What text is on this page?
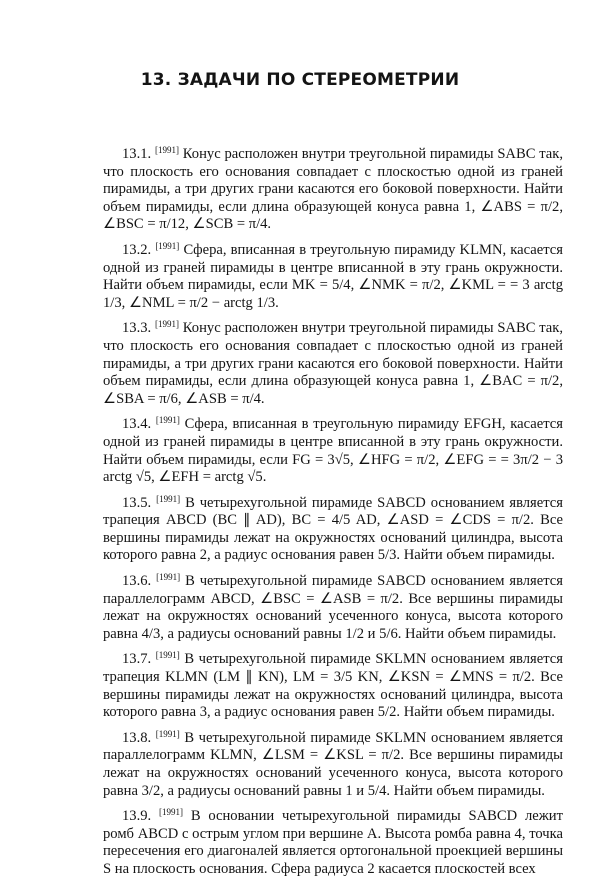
13. ЗАДАЧИ ПО СТЕРЕОМЕТРИИ

13.1. [1991] Конус расположен внутри треугольной пирамиды SABC так, что плоскость его основания совпадает с плоскостью одной из граней пирамиды, а три других грани касаются его боковой поверхности. Найти объем пирамиды, если длина образующей конуса равна 1, ∠ABS = π/2, ∠BSC = π/12, ∠SCB = π/4.

13.2. [1991] Сфера, вписанная в треугольную пирамиду KLMN, касается одной из граней пирамиды в центре вписанной в эту грань окружности. Найти объем пирамиды, если MK = 5/4, ∠NMK = π/2, ∠KML = = 3 arctg 1/3, ∠NML = π/2 − arctg 1/3.

13.3. [1991] Конус расположен внутри треугольной пирамиды SABC так, что плоскость его основания совпадает с плоскостью одной из граней пирамиды, а три других грани касаются его боковой поверхности. Найти объем пирамиды, если длина образующей конуса равна 1, ∠BAC = π/2, ∠SBA = π/6, ∠ASB = π/4.

13.4. [1991] Сфера, вписанная в треугольную пирамиду EFGH, касается одной из граней пирамиды в центре вписанной в эту грань окружности. Найти объем пирамиды, если FG = 3√5, ∠HFG = π/2, ∠EFG = = 3π/2 − 3 arctg √5, ∠EFH = arctg √5.

13.5. [1991] В четырехугольной пирамиде SABCD основанием является трапеция ABCD (BC ∥ AD), BC = 4/5 AD, ∠ASD = ∠CDS = π/2. Все вершины пирамиды лежат на окружностях оснований цилиндра, высота которого равна 2, а радиус основания равен 5/3. Найти объем пирамиды.

13.6. [1991] В четырехугольной пирамиде SABCD основанием является параллелограмм ABCD, ∠BSC = ∠ASB = π/2. Все вершины пирамиды лежат на окружностях оснований усеченного конуса, высота которого равна 4/3, а радиусы оснований равны 1/2 и 5/6. Найти объем пирамиды.

13.7. [1991] В четырехугольной пирамиде SKLMN основанием является трапеция KLMN (LM ∥ KN), LM = 3/5 KN, ∠KSN = ∠MNS = π/2. Все вершины пирамиды лежат на окружностях оснований цилиндра, высота которого равна 3, а радиус основания равен 5/2. Найти объем пирамиды.

13.8. [1991] В четырехугольной пирамиде SKLMN основанием является параллелограмм KLMN, ∠LSM = ∠KSL = π/2. Все вершины пирамиды лежат на окружностях оснований усеченного конуса, высота которого равна 3/2, а радиусы оснований равны 1 и 5/4. Найти объем пирамиды.

13.9. [1991] В основании четырехугольной пирамиды SABCD лежит ромб ABCD с острым углом при вершине A. Высота ромба равна 4, точка пересечения его диагоналей является ортогональной проекцией вершины S на плоскость основания. Сфера радиуса 2 касается плоскостей всех
